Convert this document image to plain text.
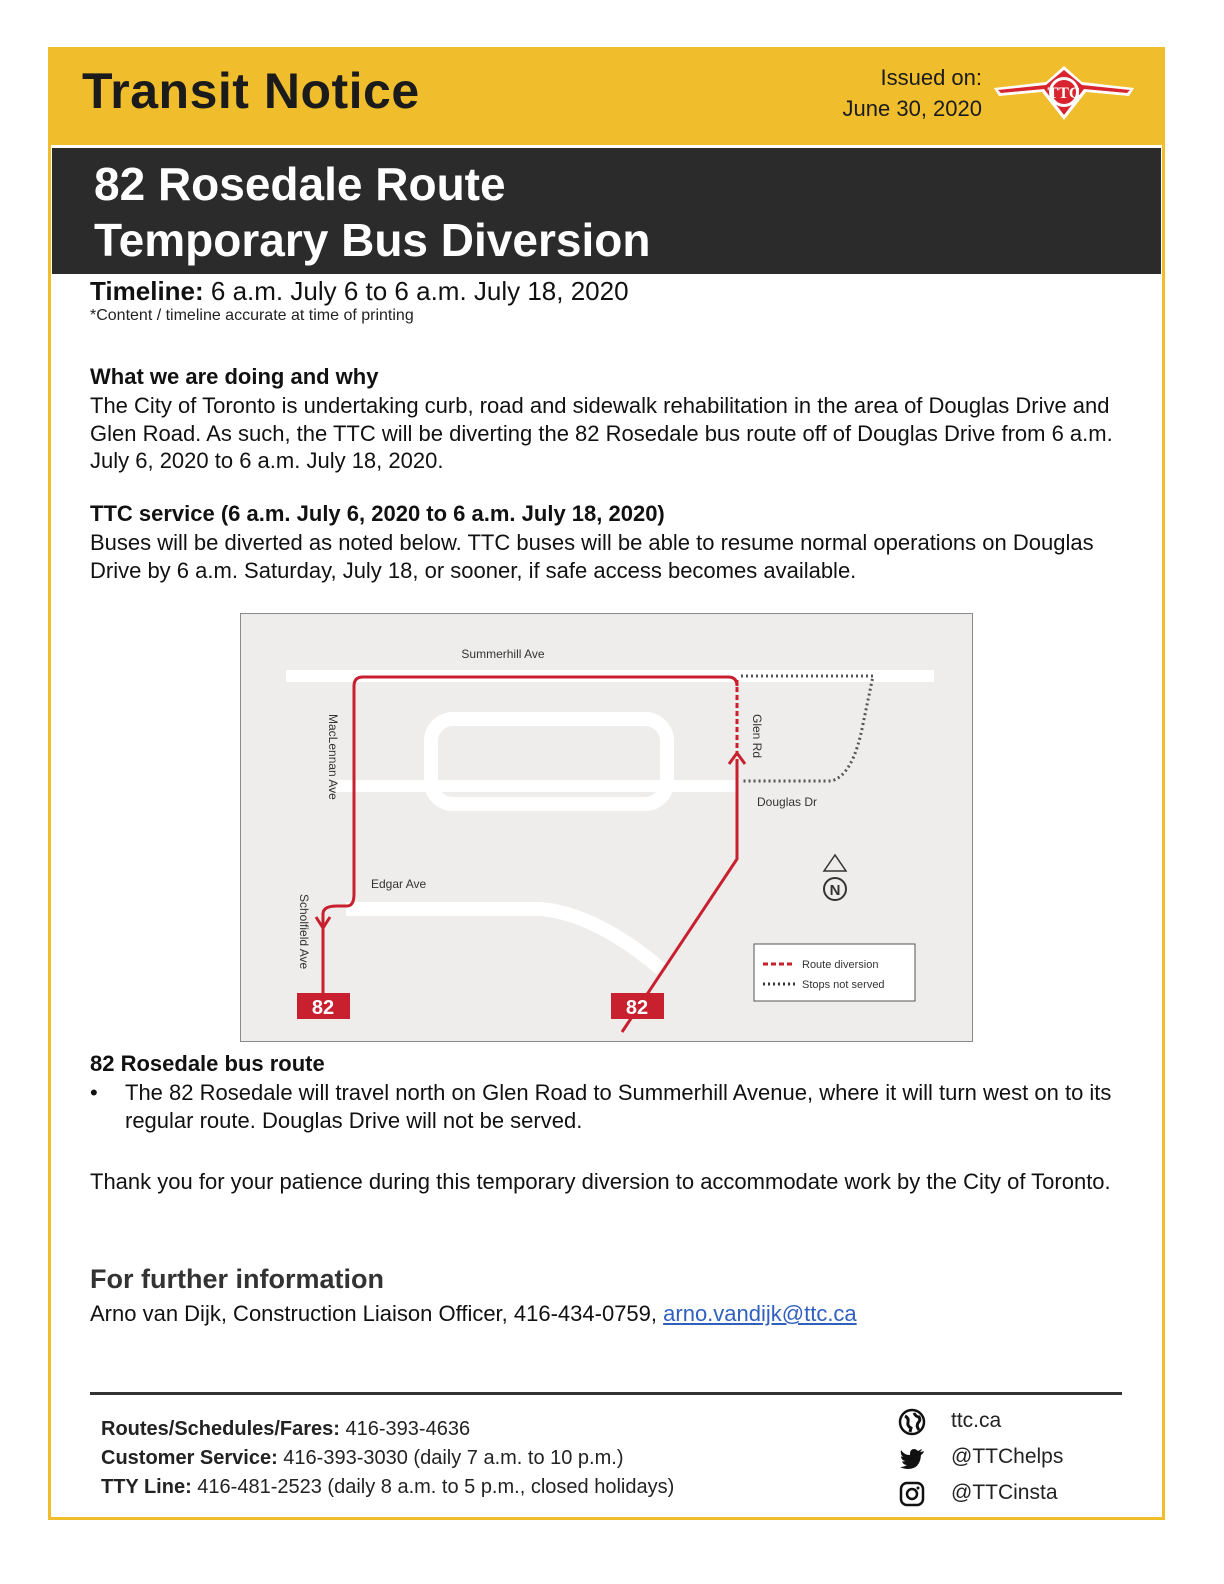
Transit Notice	Issued on:
June 30, 2020
TTC
82 Rosedale Route
Temporary Bus Diversion
Timeline: 6 a.m. July 6 to 6 a.m. July 18, 2020
*Content / timeline accurate at time of printing
What we are doing and why
The City of Toronto is undertaking curb, road and sidewalk rehabilitation in the area of Douglas Drive and Glen Road. As such, the TTC will be diverting the 82 Rosedale bus route off of Douglas Drive from 6 a.m. July 6, 2020 to 6 a.m. July 18, 2020.
TTC service (6 a.m. July 6, 2020 to 6 a.m. July 18, 2020)
Buses will be diverted as noted below. TTC buses will be able to resume normal operations on Douglas Drive by 6 a.m. Saturday, July 18, or sooner, if safe access becomes available.
82	82
Summerhill Ave
MacLennan Ave	Glen Rd
Douglas Dr
Edgar Ave
Scholfield Ave
N
Route diversion
Stops not served
82 Rosedale bus route
• The 82 Rosedale will travel north on Glen Road to Summerhill Avenue, where it will turn west on to its regular route. Douglas Drive will not be served.
Thank you for your patience during this temporary diversion to accommodate work by the City of Toronto.
For further information
Arno van Dijk, Construction Liaison Officer, 416-434-0759, arno.vandijk@ttc.ca
Routes/Schedules/Fares: 416-393-4636
Customer Service: 416-393-3030 (daily 7 a.m. to 10 p.m.)
TTY Line: 416-481-2523 (daily 8 a.m. to 5 p.m., closed holidays)
ttc.ca
@TTChelps
@TTCinsta
